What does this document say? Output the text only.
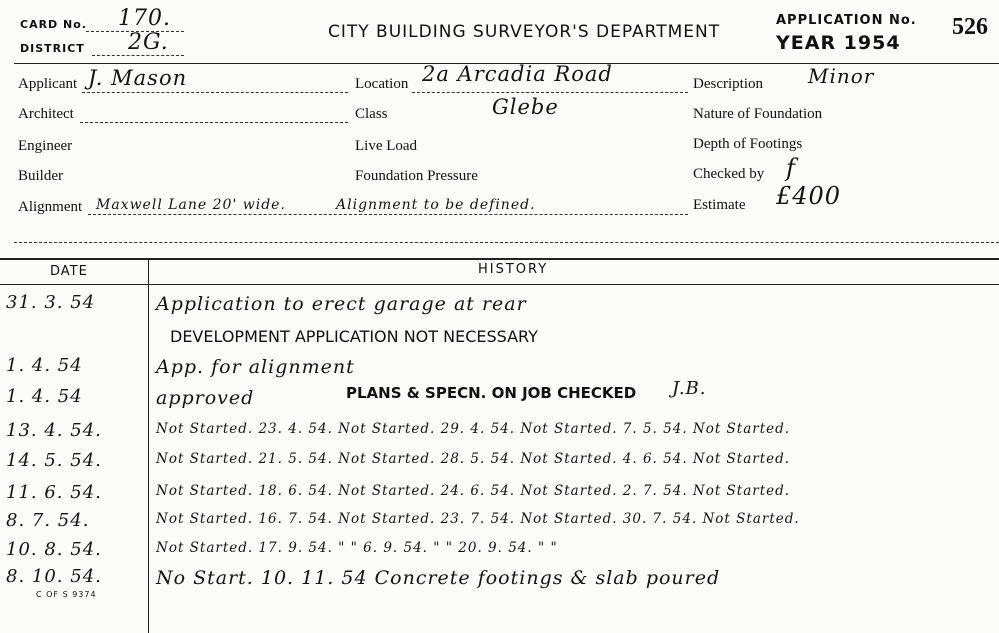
CARD No. 170.
DISTRICT 2G.	CITY BUILDING SURVEYOR'S DEPARTMENT
APPLICATION No. 526
YEAR 1954
Applicant J. Mason	Location 2a Arcadia Road	Description Minor
Architect	Class	Glebe	Nature of Foundation
Engineer	Live Load	Depth of Footings
Builder	Foundation Pressure	Checked by f
Alignment Maxwell Lane 20' wide.	Alignment to be defined.	Estimate £400
DATE	HISTORY
31. 3. 54	Application to erect garage at rear
1. 4. 54	App. for alignment
1. 4. 54	approved
13. 4. 54.	Not Started. 23. 4. 54. Not Started. 29. 4. 54. Not Started. 7. 5. 54. Not Started.
14. 5. 54.	Not Started. 21. 5. 54. Not Started. 28. 5. 54. Not Started. 4. 6. 54. Not Started.
11. 6. 54.	Not Started. 18. 6. 54. Not Started. 24. 6. 54. Not Started. 2. 7. 54. Not Started.
8. 7. 54.	Not Started. 16. 7. 54. Not Started. 23. 7. 54. Not Started. 30. 7. 54. Not Started.
10. 8. 54.	Not Started. 17. 9. 54. " " 6. 9. 54. " " 20. 9. 54. " "
8. 10. 54.	No Start. 10. 11. 54 Concrete footings & slab poured
DEVELOPMENT APPLICATION NOT NECESSARY
PLANS & SPECN. ON JOB CHECKED J.B.
C OF S 9374
